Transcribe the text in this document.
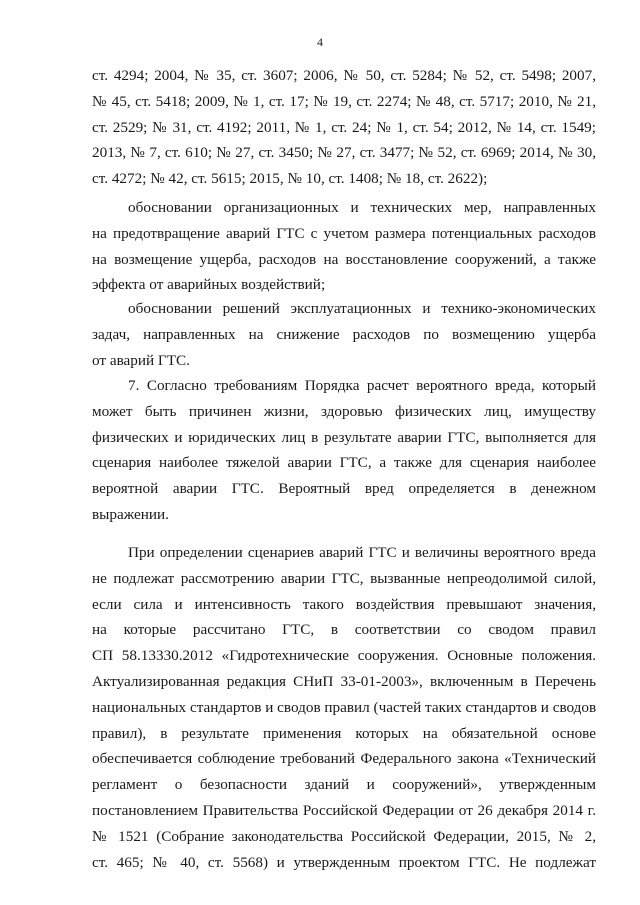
4
ст. 4294; 2004, № 35, ст. 3607; 2006, № 50, ст. 5284; № 52, ст. 5498; 2007,
№ 45, ст. 5418; 2009, № 1, ст. 17; № 19, ст. 2274; № 48, ст. 5717; 2010, № 21,
ст. 2529; № 31, ст. 4192; 2011, № 1, ст. 24; № 1, ст. 54; 2012, № 14, ст. 1549;
2013, № 7, ст. 610; № 27, ст. 3450; № 27, ст. 3477; № 52, ст. 6969; 2014, № 30,
ст. 4272; № 42, ст. 5615; 2015, № 10, ст. 1408; № 18, ст. 2622);
обосновании организационных и технических мер, направленных
на предотвращение аварий ГТС с учетом размера потенциальных расходов
на возмещение ущерба, расходов на восстановление сооружений, а также
эффекта от аварийных воздействий;
обосновании решений эксплуатационных и технико-экономических
задач, направленных на снижение расходов по возмещению ущерба
от аварий ГТС.
7. Согласно требованиям Порядка расчет вероятного вреда, который
может быть причинен жизни, здоровью физических лиц, имуществу
физических и юридических лиц в результате аварии ГТС, выполняется для
сценария наиболее тяжелой аварии ГТС, а также для сценария наиболее
вероятной аварии ГТС. Вероятный вред определяется в денежном
выражении.
При определении сценариев аварий ГТС и величины вероятного вреда
не подлежат рассмотрению аварии ГТС, вызванные непреодолимой силой,
если сила и интенсивность такого воздействия превышают значения,
на которые рассчитано ГТС, в соответствии со сводом правил
СП 58.13330.2012 «Гидротехнические сооружения. Основные положения.
Актуализированная редакция СНиП 33-01-2003», включенным в Перечень
национальных стандартов и сводов правил (частей таких стандартов и сводов
правил), в результате применения которых на обязательной основе
обеспечивается соблюдение требований Федерального закона «Технический
регламент о безопасности зданий и сооружений», утвержденным
постановлением Правительства Российской Федерации от 26 декабря 2014 г.
№ 1521 (Собрание законодательства Российской Федерации, 2015, № 2,
ст. 465; № 40, ст. 5568) и утвержденным проектом ГТС. Не подлежат
